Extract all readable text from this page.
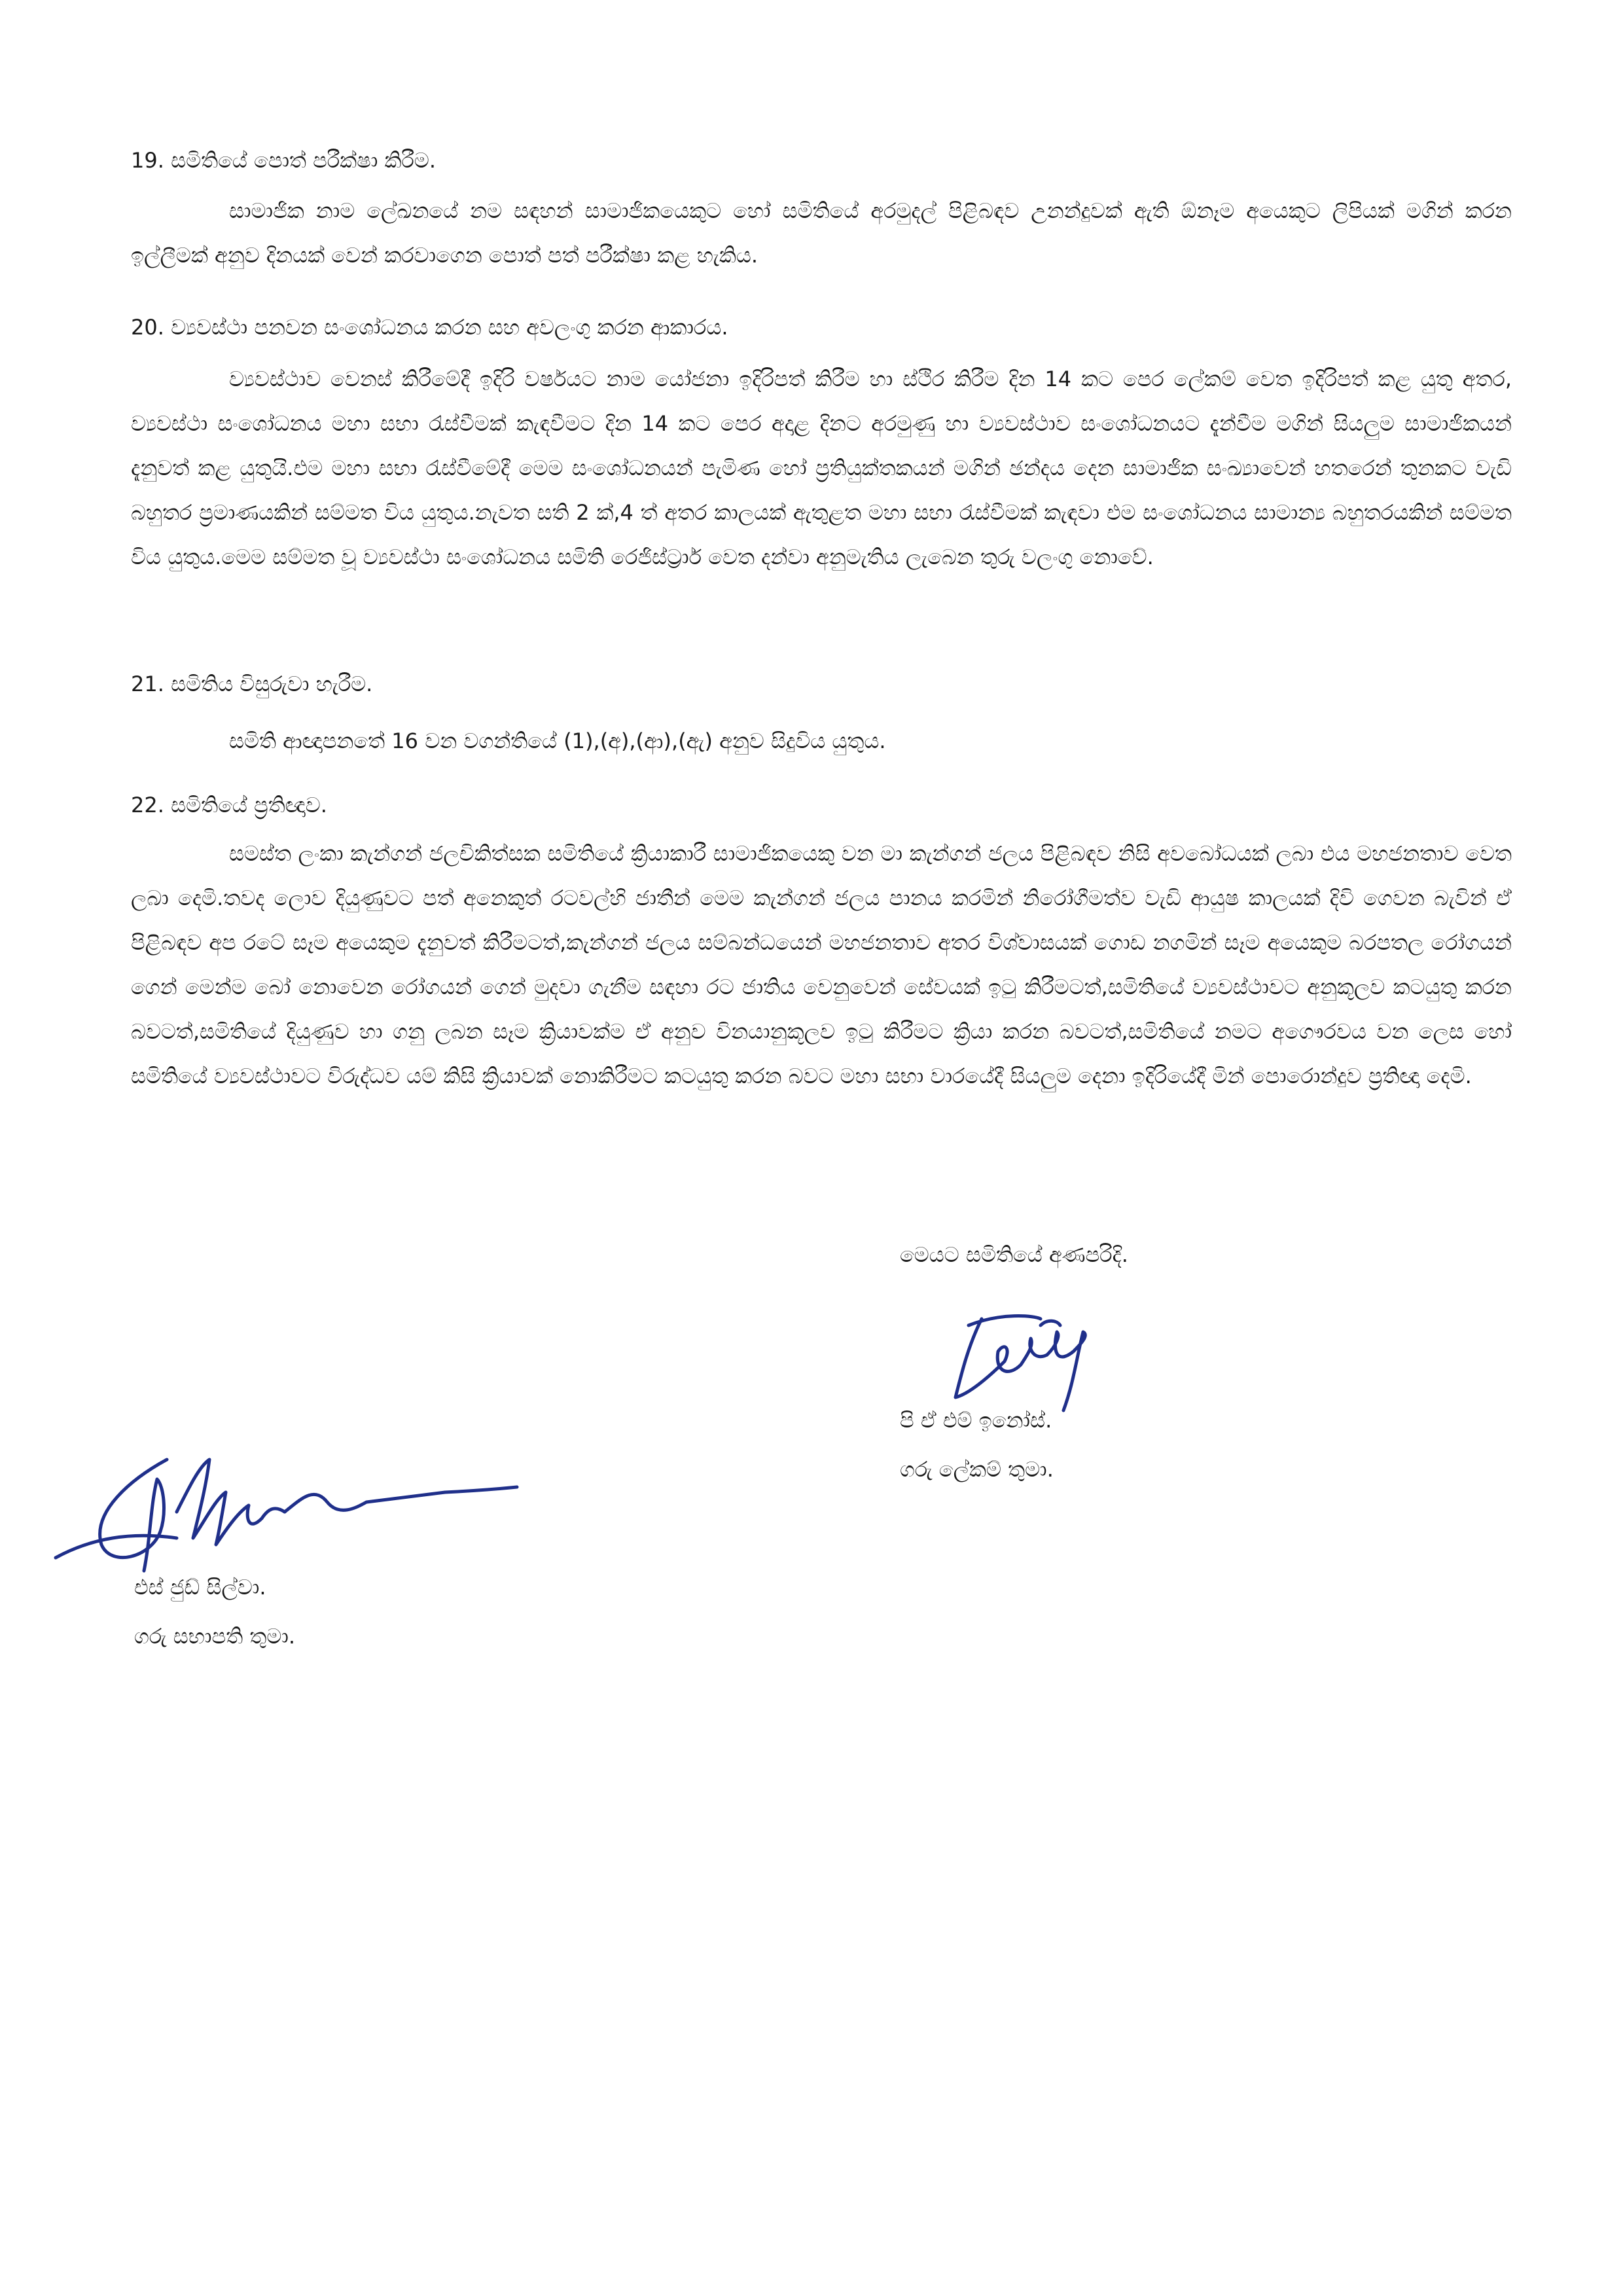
19. සමිතියේ පොත් පරීක්ෂා කිරීම.
සාමාජික නාම ලේඛනයේ නම සඳහන් සාමාජිකයෙකුට හෝ සමිතියේ අරමුදල් පිළිබඳව උනන්දුවක් ඇති ඕනෑම අයෙකුට ලිපියක් මගින් කරන ඉල්ලීමක් අනුව දිනයක් වෙන් කරවාගෙන පොත් පත් පරීක්ෂා කළ හැකිය.
20. ව්‍යවස්ථා පනවන සංශෝධනය කරන සහ අවලංගු කරන ආකාරය.
ව්‍යවස්ථාව වෙනස් කිරීමේදී ඉදිරි වර්ෂයට නාම යෝජනා ඉදිරිපත් කිරීම හා ස්ථිර කිරීම දින 14 කට පෙර ලේකම් වෙත ඉදිරිපත් කළ යුතු අතර, ව්‍යවස්ථා සංශෝධනය මහා සභා රැස්වීමක් කැඳවීමට දින 14 කට පෙර අදාළ දිනට අරමුණු හා ව්‍යවස්ථාව සංශෝධනයට දැන්වීම මගින් සියලුම සාමාජිකයන් දැනුවත් කළ යුතුයි.එම මහා සභා රැස්වීමේදී මෙම සංශෝධනයන් පැමිණ හෝ ප්‍රතියුක්තකයන් මගින් ඡන්දය දෙන සාමාජික සංඛ්‍යාවෙන් හතරෙන් තුනකට වැඩි බහුතර ප්‍රමාණයකින් සම්මත විය යුතුය.නැවත සති 2 ක්,4 ත් අතර කාලයක් ඇතුළත මහා සභා රැස්වීමක් කැඳවා එම සංශෝධනය සාමාන්‍ය බහුතරයකින් සම්මත විය යුතුය.මෙම සම්මත වූ ව්‍යවස්ථා සංශෝධනය සමිති රෙජිස්ට්‍රාර් වෙත දන්වා අනුමැතිය ලැබෙන තුරු වලංගු නොවේ.
21. සමිතිය විසුරුවා හැරීම.
සමිති ආඥාපනතේ 16 වන වගන්තියේ (1),(අ),(ආ),(ඇ) අනුව සිදුවිය යුතුය.
22. සමිතියේ ප්‍රතිඥාව.
සමස්ත ලංකා කැන්ගන් ජලචිකිත්සක සමිතියේ ක්‍රියාකාරී සාමාජිකයෙකු වන මා කැන්ගන් ජලය පිළිබඳව නිසි අවබෝධයක් ලබා එය මහජනතාව වෙත ලබා දෙමි.තවද ලොව දියුණුවට පත් අනෙකුත් රටවල්හි ජාතීන් මෙම කැන්ගන් ජලය පානය කරමින් නිරෝගීමත්ව වැඩි ආයුෂ කාලයක් දිවි ගෙවන බැවින් ඒ පිළිබඳව අප රටේ සෑම අයෙකුම දැනුවත් කිරීමටත්,කැන්ගන් ජලය සම්බන්ධයෙන් මහජනතාව අතර විශ්වාසයක් ගොඩ නගමින් සෑම අයෙකුම බරපතල රෝගයන් ගෙන් මෙන්ම බෝ නොවෙන රෝගයන් ගෙන් මුදවා ගැනීම සඳහා රට ජාතිය වෙනුවෙන් සේවයක් ඉටු කිරීමටත්,සමිතියේ ව්‍යවස්ථාවට අනුකූලව කටයුතු කරන බවටත්,සමිතියේ දියුණුව හා ගනු ලබන සෑම ක්‍රියාවක්ම ඒ අනුව විනයානුකූලව ඉටු කිරීමට ක්‍රියා කරන බවටත්,සමිතියේ නමට අගෞරවය වන ලෙස හෝ සමිතියේ ව්‍යවස්ථාවට විරුද්ධව යම් කිසි ක්‍රියාවක් නොකිරීමට කටයුතු කරන බවට මහා සභා වාරයේදී සියලුම දෙනා ඉදිරියේදී මින් පොරොන්දුව ප්‍රතිඥා දෙමි.
මෙයට සමිතියේ අණපරිදි.
පි ඒ එම් ඉනෝස්.
ගරු ලේකම් තුමා.
එස් ජුඩ් සිල්වා.
ගරු සභාපති තුමා.
